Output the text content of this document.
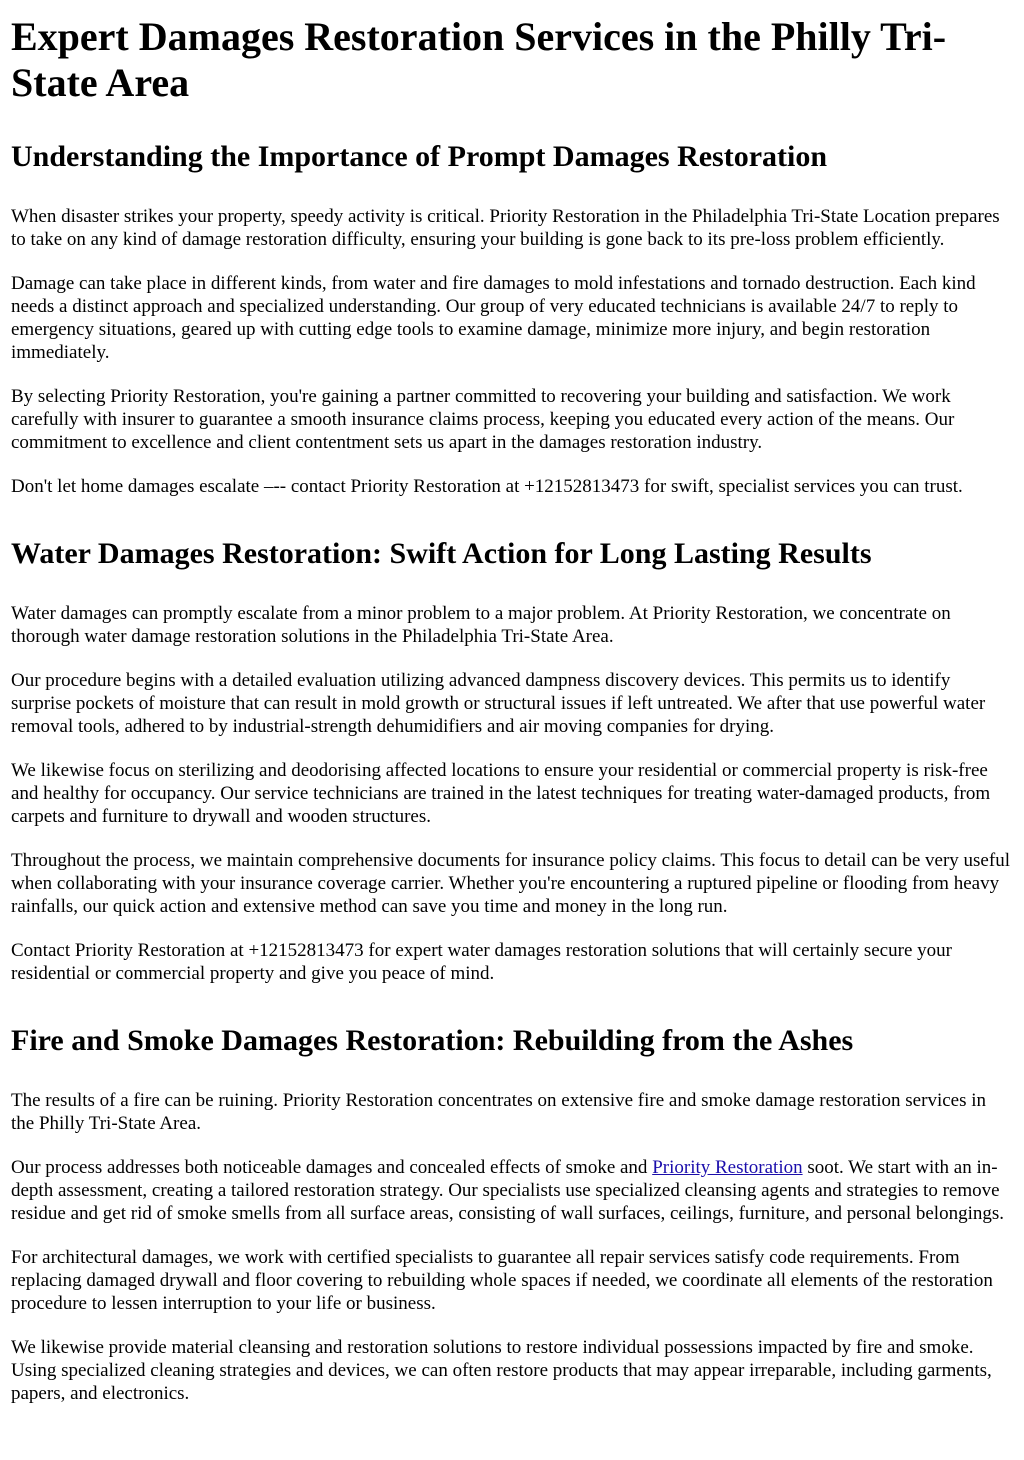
Expert Damages Restoration Services in the Philly Tri-State Area
Understanding the Importance of Prompt Damages Restoration

When disaster strikes your property, speedy activity is critical. Priority Restoration in the Philadelphia Tri-State Location prepares to take on any kind of damage restoration difficulty, ensuring your building is gone back to its pre-loss problem efficiently.

Damage can take place in different kinds, from water and fire damages to mold infestations and tornado destruction. Each kind needs a distinct approach and specialized understanding. Our group of very educated technicians is available 24/7 to reply to emergency situations, geared up with cutting edge tools to examine damage, minimize more injury, and begin restoration immediately.

By selecting Priority Restoration, you're gaining a partner committed to recovering your building and satisfaction. We work carefully with insurer to guarantee a smooth insurance claims process, keeping you educated every action of the means. Our commitment to excellence and client contentment sets us apart in the damages restoration industry.

Don't let home damages escalate –-- contact Priority Restoration at +12152813473 for swift, specialist services you can trust.

Water Damages Restoration: Swift Action for Long Lasting Results

Water damages can promptly escalate from a minor problem to a major problem. At Priority Restoration, we concentrate on thorough water damage restoration solutions in the Philadelphia Tri-State Area.

Our procedure begins with a detailed evaluation utilizing advanced dampness discovery devices. This permits us to identify surprise pockets of moisture that can result in mold growth or structural issues if left untreated. We after that use powerful water removal tools, adhered to by industrial-strength dehumidifiers and air moving companies for drying.

We likewise focus on sterilizing and deodorising affected locations to ensure your residential or commercial property is risk-free and healthy for occupancy. Our service technicians are trained in the latest techniques for treating water-damaged products, from carpets and furniture to drywall and wooden structures.

Throughout the process, we maintain comprehensive documents for insurance policy claims. This focus to detail can be very useful when collaborating with your insurance coverage carrier. Whether you're encountering a ruptured pipeline or flooding from heavy rainfalls, our quick action and extensive method can save you time and money in the long run.

Contact Priority Restoration at +12152813473 for expert water damages restoration solutions that will certainly secure your residential or commercial property and give you peace of mind.

Fire and Smoke Damages Restoration: Rebuilding from the Ashes

The results of a fire can be ruining. Priority Restoration concentrates on extensive fire and smoke damage restoration services in the Philly Tri-State Area.

Our process addresses both noticeable damages and concealed effects of smoke and Priority Restoration soot. We start with an in-depth assessment, creating a tailored restoration strategy. Our specialists use specialized cleansing agents and strategies to remove residue and get rid of smoke smells from all surface areas, consisting of wall surfaces, ceilings, furniture, and personal belongings.

For architectural damages, we work with certified specialists to guarantee all repair services satisfy code requirements. From replacing damaged drywall and floor covering to rebuilding whole spaces if needed, we coordinate all elements of the restoration procedure to lessen interruption to your life or business.

We likewise provide material cleansing and restoration solutions to restore individual possessions impacted by fire and smoke. Using specialized cleaning strategies and devices, we can often restore products that may appear irreparable, including garments, papers, and electronics.
